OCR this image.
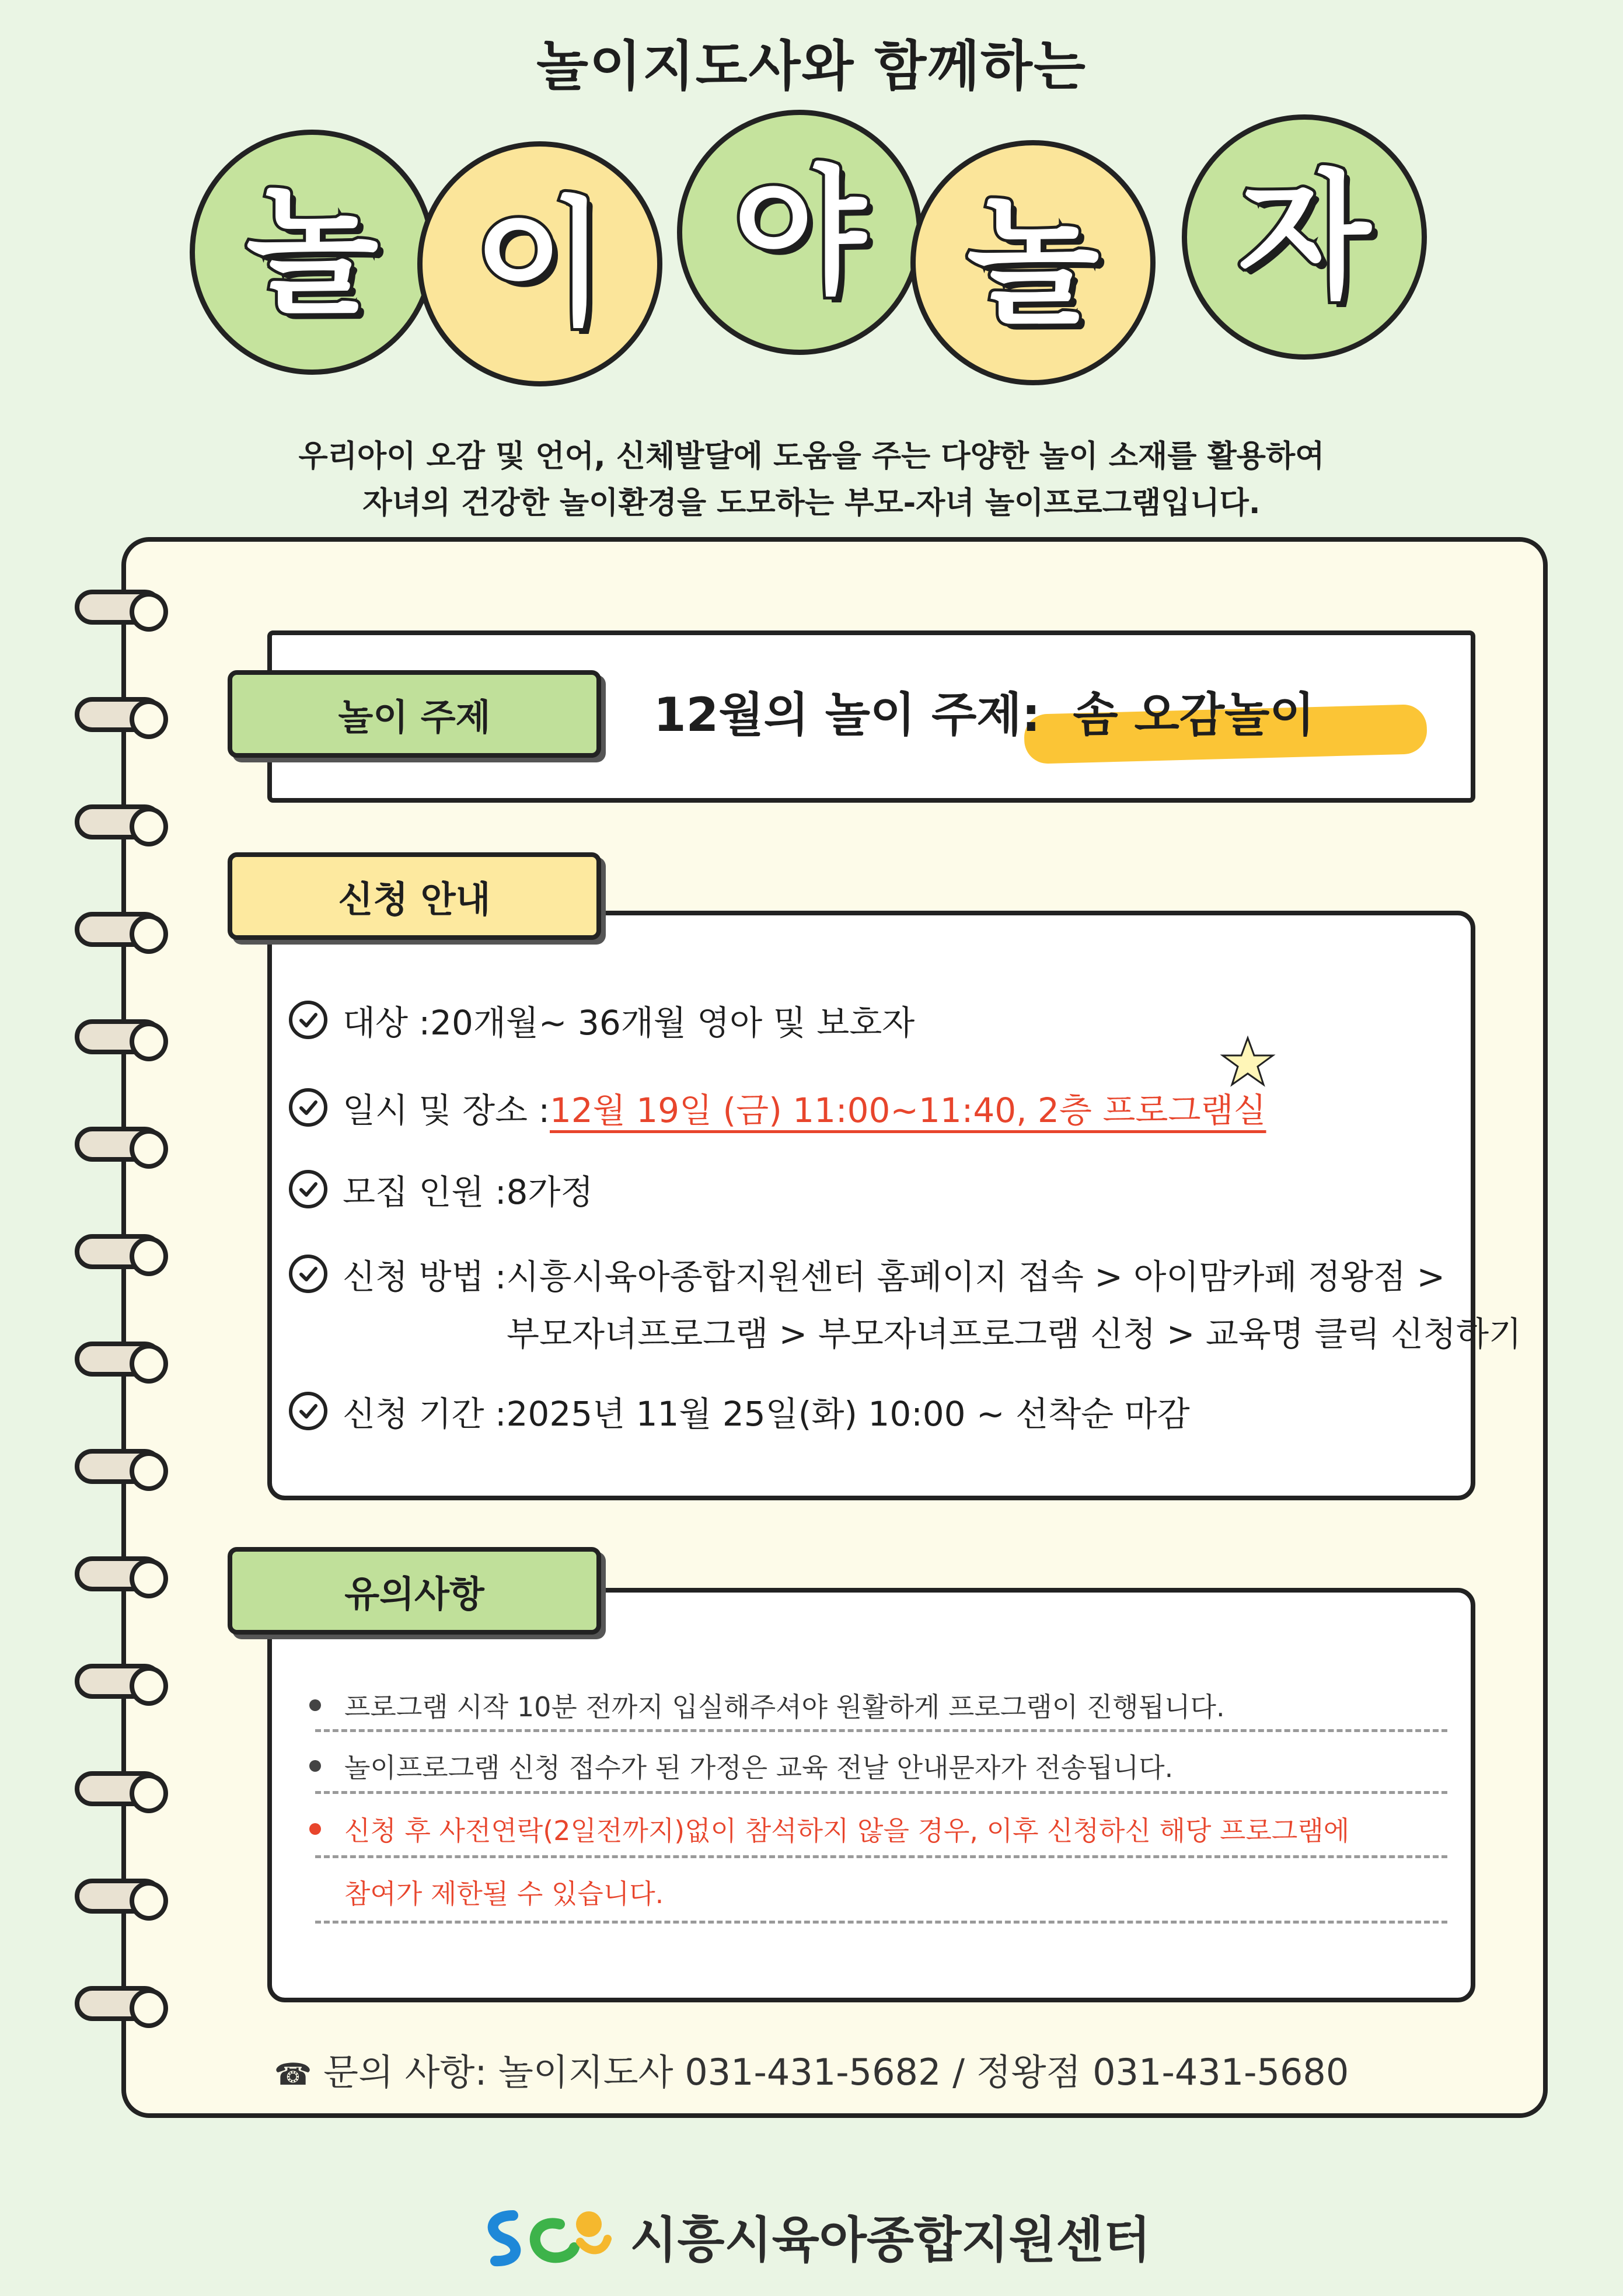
놀이지도사와 함께하는
놀 이 야 놀 자
우리아이 오감 및 언어, 신체발달에 도움을 주는 다양한 놀이 소재를 활용하여
자녀의 건강한 놀이환경을 도모하는 부모-자녀 놀이프로그램입니다.
놀이 주제	12월의 놀이 주제: 솜 오감놀이
신청 안내
대상 : 20개월~ 36개월 영아 및 보호자
일시 및 장소 : 12월 19일 (금) 11:00~11:40, 2층 프로그램실
모집 인원 : 8가정
신청 방법 : 시흥시육아종합지원센터 홈페이지 접속 > 아이맘카페 정왕점 >
부모자녀프로그램 > 부모자녀프로그램 신청 > 교육명 클릭 신청하기
신청 기간 : 2025년 11월 25일(화) 10:00 ~ 선착순 마감
유의사항
프로그램 시작 10분 전까지 입실해주셔야 원활하게 프로그램이 진행됩니다.
놀이프로그램 신청 접수가 된 가정은 교육 전날 안내문자가 전송됩니다.
신청 후 사전연락(2일전까지)없이 참석하지 않을 경우, 이후 신청하신 해당 프로그램에
참여가 제한될 수 있습니다.
☎ 문의 사항: 놀이지도사 031-431-5682 / 정왕점 031-431-5680
시흥시육아종합지원센터
